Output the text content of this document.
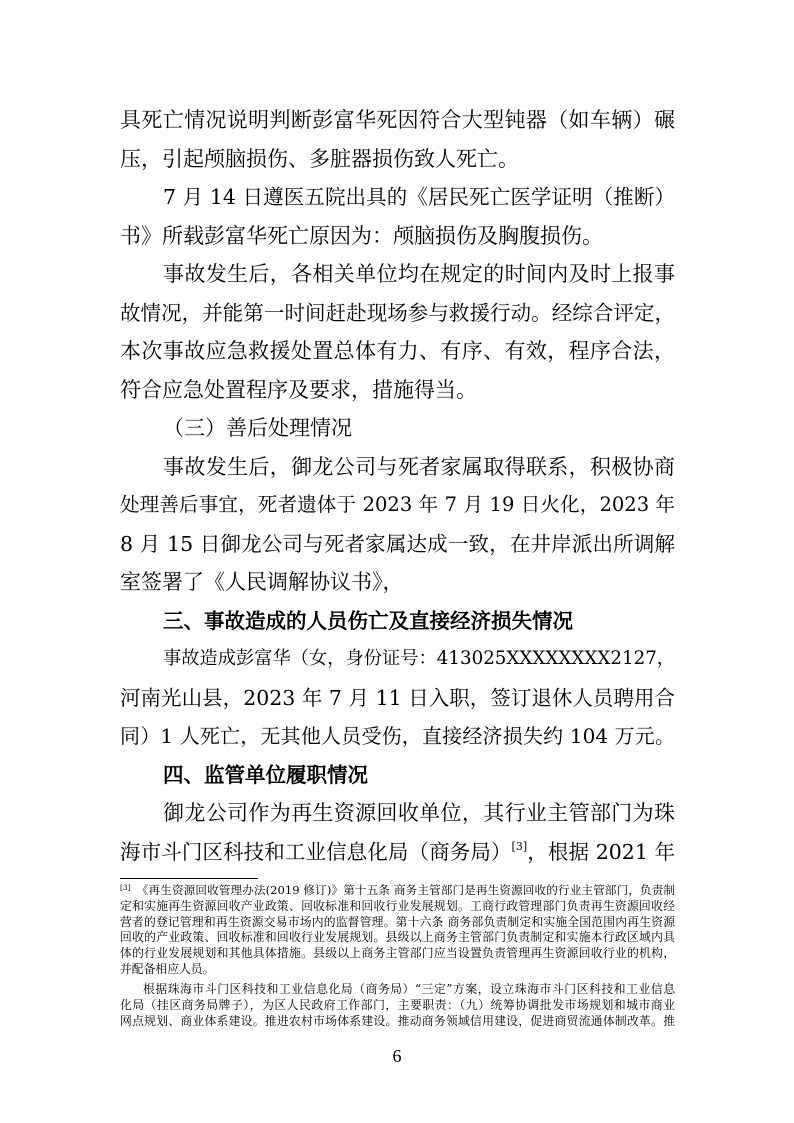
具死亡情况说明判断彭富华死因符合大型钝器（如车辆）碾
压，引起颅脑损伤、多脏器损伤致人死亡。
7 月 14 日遵医五院出具的《居民死亡医学证明（推断）
书》所载彭富华死亡原因为：颅脑损伤及胸腹损伤。
事故发生后，各相关单位均在规定的时间内及时上报事
故情况，并能第一时间赶赴现场参与救援行动。经综合评定，
本次事故应急救援处置总体有力、有序、有效，程序合法，
符合应急处置程序及要求，措施得当。
（三）善后处理情况
事故发生后，御龙公司与死者家属取得联系，积极协商
处理善后事宜，死者遗体于 2023 年 7 月 19 日火化，2023 年
8 月 15 日御龙公司与死者家属达成一致，在井岸派出所调解
室签署了《人民调解协议书》，
三、事故造成的人员伤亡及直接经济损失情况
事故造成彭富华（女，身份证号：413025XXXXXXXX2127，
河南光山县，2023 年 7 月 11 日入职，签订退休人员聘用合
同）1 人死亡，无其他人员受伤，直接经济损失约 104 万元。
四、监管单位履职情况
御龙公司作为再生资源回收单位，其行业主管部门为珠
海市斗门区科技和工业信息化局（商务局）[3]，根据 2021 年
[3] 《再生资源回收管理办法(2019 修订)》第十五条 商务主管部门是再生资源回收的行业主管部门，负责制
定和实施再生资源回收产业政策、回收标准和回收行业发展规划。工商行政管理部门负责再生资源回收经
营者的登记管理和再生资源交易市场内的监督管理。第十六条 商务部负责制定和实施全国范围内再生资源
回收的产业政策、回收标准和回收行业发展规划。县级以上商务主管部门负责制定和实施本行政区域内具
体的行业发展规划和其他具体措施。县级以上商务主管部门应当设置负责管理再生资源回收行业的机构，
并配备相应人员。
根据珠海市斗门区科技和工业信息化局（商务局）“三定”方案，设立珠海市斗门区科技和工业信息
化局（挂区商务局牌子），为区人民政府工作部门，主要职责：（九）统筹协调批发市场规划和城市商业
网点规划、商业体系建设。推进农村市场体系建设。推动商务领域信用建设，促进商贸流通体制改革。推
6
